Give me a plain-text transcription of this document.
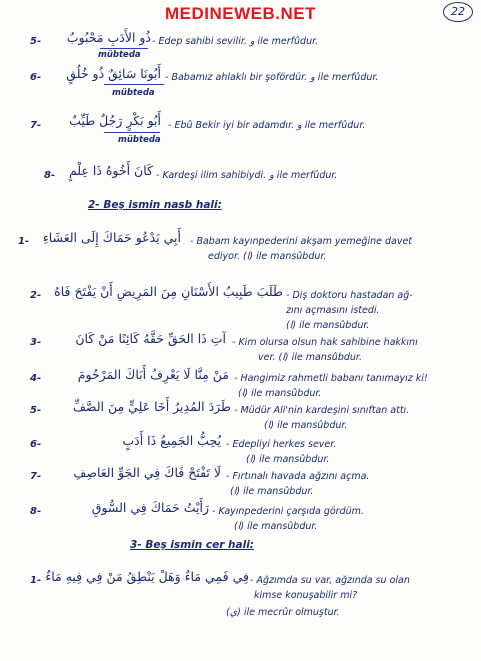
MEDINEWEB.NET	22
5- ذُو الأَدَبِ مَحْبُوبٌ - Edep sahibi sevilir. و ile merfûdur.
mübteda
6- أَبُونَا سَائِقٌ ذُو خُلُقٍ - Babamız ahlaklı bir şofördür. و ile merfûdur.
mübteda
7- أَبُو بَكْرٍ رَجُلٌ طَيِّبٌ - Ebû Bekir iyi bir adamdır. و ile merfûdur.
mübteda
8- كَانَ أَخُوهُ ذَا عِلْمٍ - Kardeşi ilim sahibiydi. و ile merfûdur.
2- Beş ismin nasb hali:
1- أَبِي يَدْعُو حَمَاكَ إِلَى العَشَاءِ - Babam kayınpederini akşam yemeğine davet
ediyor. (ا) ile mansûbdur.
2- طَلَبَ طَبِيبُ الأَسْنَانِ مِنَ المَرِيضِ أَنْ يَفْتَحَ فَاهُ - Diş doktoru hastadan ağ-
zını açmasını istedi.
(ا) ile mansûbdur.
3-	آتِ ذَا الحَقِّ حَقَّهُ كَائِنًا مَنْ كَانَ - Kim olursa olsun hak sahibine hakkını
ver. (ا) ile mansûbdur.
4-	مَنْ مِنَّا لَا يَعْرِفُ أَبَاكَ المَرْحُومَ - Hangimiz rahmetli babanı tanımayız ki!
(ا) ile mansûbdur.
5-	طَرَدَ المُدِيرُ أَخَا عَلِيٍّ مِنَ الصَّفِّ - Müdür Ali'nin kardeşini sınıftan attı.
(ا) ile mansûbdur.
6-	يُحِبُّ الجَمِيعُ ذَا أَدَبٍ - Edepliyi herkes sever.
(ا) ile mansûbdur.
7-	لَا تَفْتَحْ فَاكَ فِي الجَوِّ العَاصِفِ - Fırtınalı havada ağzını açma.
(ا) ile mansûbdur.
8-	رَأَيْتُ حَمَاكَ فِي السُّوقِ - Kayınpederini çarşıda gördüm.
(ا) ile mansûbdur.
3- Beş ismin cer hali:
1- فِي فَمِي مَاءٌ وَهَلْ يَنْطِقُ مَنْ فِي فِيهِ مَاءٌ - Ağzımda su var, ağzında su olan
kimse konuşabilir mi?
(ي) ile mecrûr olmuştur.
